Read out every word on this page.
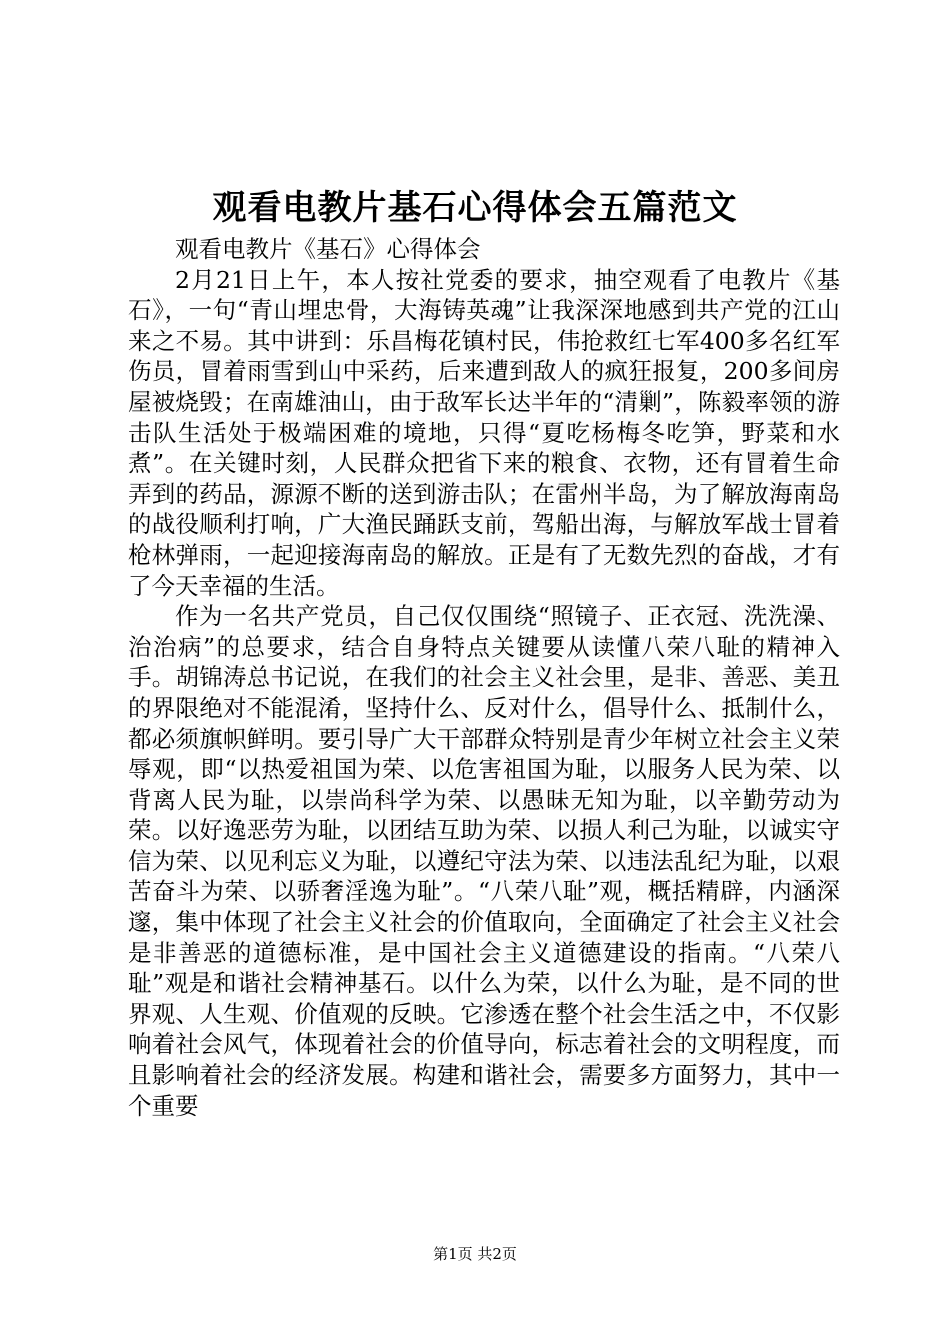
观看电教片基石心得体会五篇范文

观看电教片《基石》心得体会

2月21日上午，本人按社党委的要求，抽空观看了电教片《基石》，一句“青山埋忠骨，大海铸英魂”让我深深地感到共产党的江山来之不易。其中讲到：乐昌梅花镇村民，伟抢救红七军400多名红军伤员，冒着雨雪到山中采药，后来遭到敌人的疯狂报复，200多间房屋被烧毁；在南雄油山，由于敌军长达半年的“清剿”，陈毅率领的游击队生活处于极端困难的境地，只得“夏吃杨梅冬吃笋，野菜和水煮”。在关键时刻，人民群众把省下来的粮食、衣物，还有冒着生命弄到的药品，源源不断的送到游击队；在雷州半岛，为了解放海南岛的战役顺利打响，广大渔民踊跃支前，驾船出海，与解放军战士冒着枪林弹雨，一起迎接海南岛的解放。正是有了无数先烈的奋战，才有了今天幸福的生活。

作为一名共产党员，自己仅仅围绕“照镜子、正衣冠、洗洗澡、治治病”的总要求，结合自身特点关键要从读懂八荣八耻的精神入手。胡锦涛总书记说，在我们的社会主义社会里，是非、善恶、美丑的界限绝对不能混淆，坚持什么、反对什么，倡导什么、抵制什么，都必须旗帜鲜明。要引导广大干部群众特别是青少年树立社会主义荣辱观，即“以热爱祖国为荣、以危害祖国为耻，以服务人民为荣、以背离人民为耻，以崇尚科学为荣、以愚昧无知为耻，以辛勤劳动为荣。以好逸恶劳为耻，以团结互助为荣、以损人利己为耻，以诚实守信为荣、以见利忘义为耻，以遵纪守法为荣、以违法乱纪为耻，以艰苦奋斗为荣、以骄奢淫逸为耻”。“八荣八耻”观，概括精辟，内涵深邃，集中体现了社会主义社会的价值取向，全面确定了社会主义社会是非善恶的道德标准，是中国社会主义道德建设的指南。“八荣八耻”观是和谐社会精神基石。以什么为荣，以什么为耻，是不同的世界观、人生观、价值观的反映。它渗透在整个社会生活之中，不仅影响着社会风气，体现着社会的价值导向，标志着社会的文明程度，而且影响着社会的经济发展。构建和谐社会，需要多方面努力，其中一个重要

第1页 共2页
